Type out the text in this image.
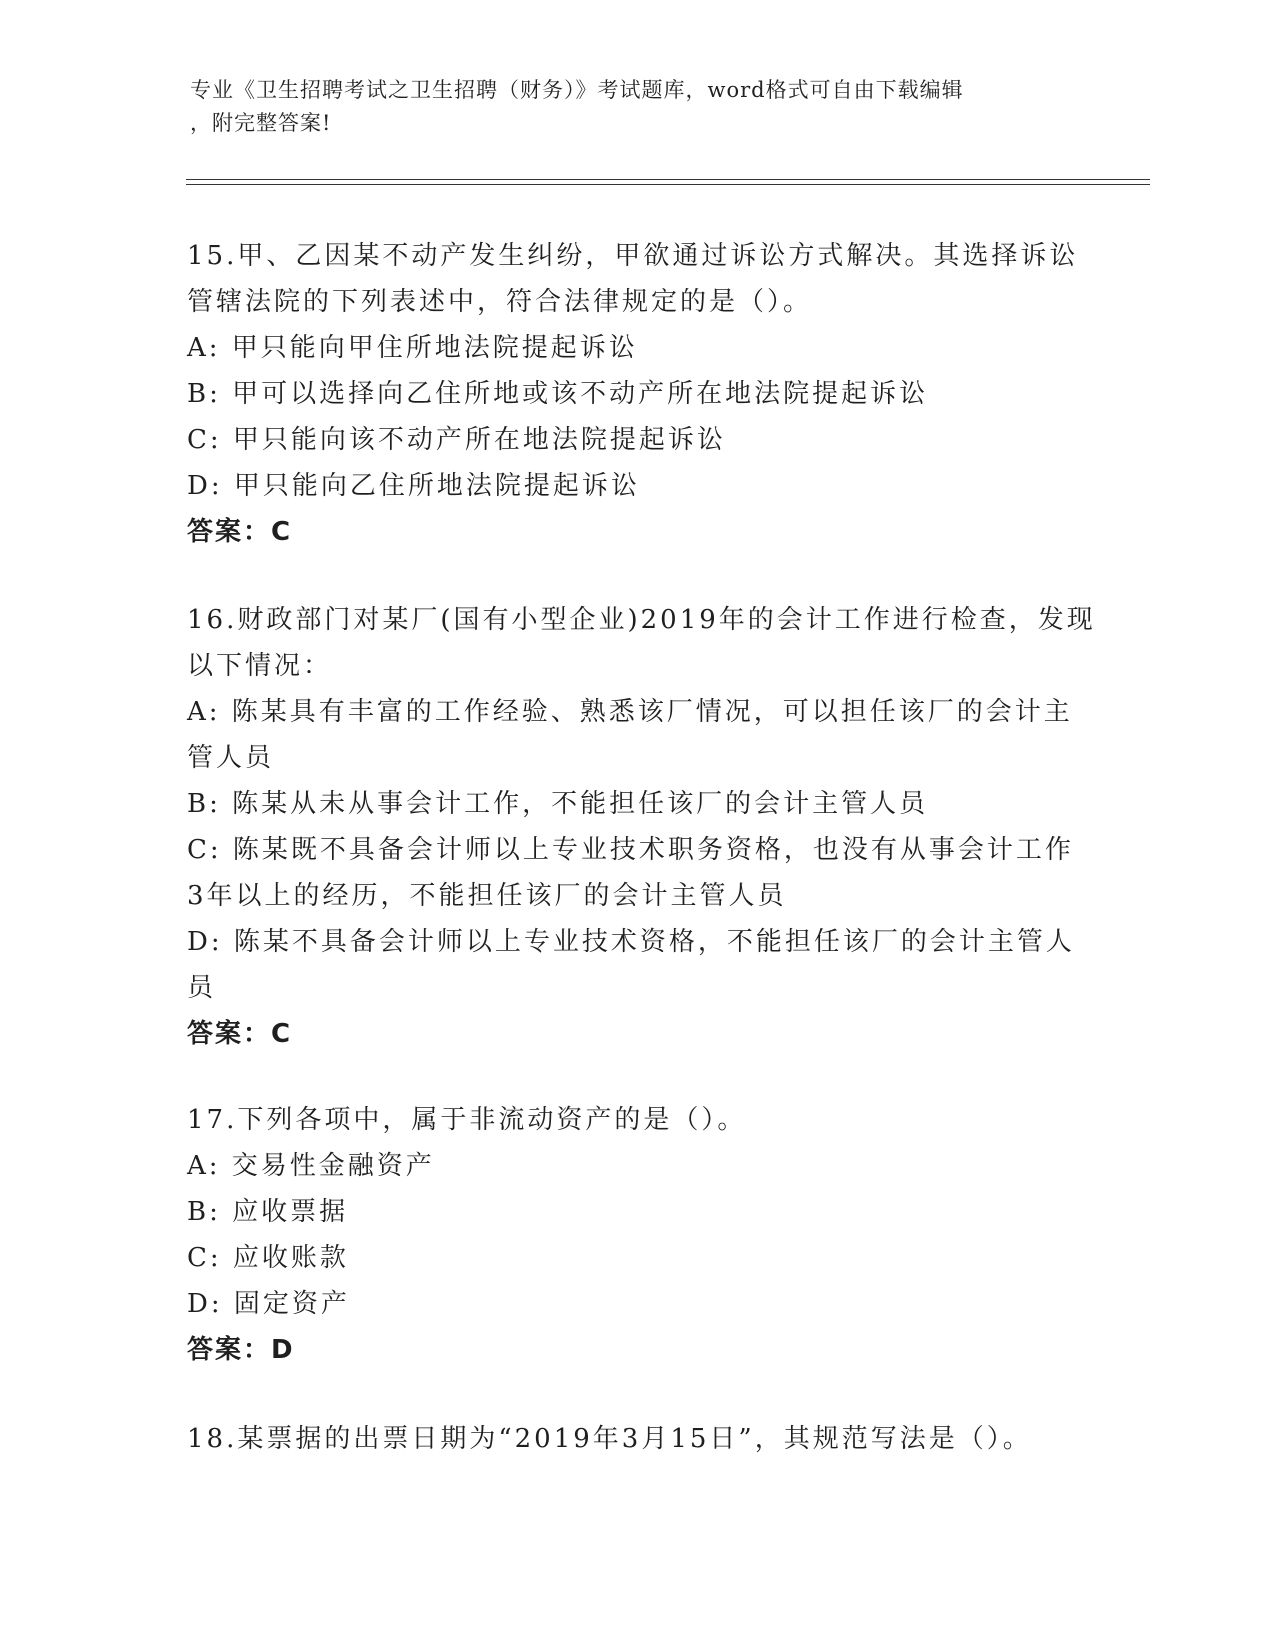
专业《卫生招聘考试之卫生招聘（财务）》考试题库，word格式可自由下载编辑
，附完整答案!
15.甲、乙因某不动产发生纠纷，甲欲通过诉讼方式解决。其选择诉讼
管辖法院的下列表述中，符合法律规定的是（）。
A: 甲只能向甲住所地法院提起诉讼
B: 甲可以选择向乙住所地或该不动产所在地法院提起诉讼
C: 甲只能向该不动产所在地法院提起诉讼
D: 甲只能向乙住所地法院提起诉讼
答案：C
16.财政部门对某厂(国有小型企业)2019年的会计工作进行检查，发现
以下情况：
A: 陈某具有丰富的工作经验、熟悉该厂情况，可以担任该厂的会计主
管人员
B: 陈某从未从事会计工作，不能担任该厂的会计主管人员
C: 陈某既不具备会计师以上专业技术职务资格，也没有从事会计工作
3年以上的经历，不能担任该厂的会计主管人员
D: 陈某不具备会计师以上专业技术资格，不能担任该厂的会计主管人
员
答案：C
17.下列各项中，属于非流动资产的是（）。
A: 交易性金融资产
B: 应收票据
C: 应收账款
D: 固定资产
答案：D
18.某票据的出票日期为“2019年3月15日”，其规范写法是（）。
